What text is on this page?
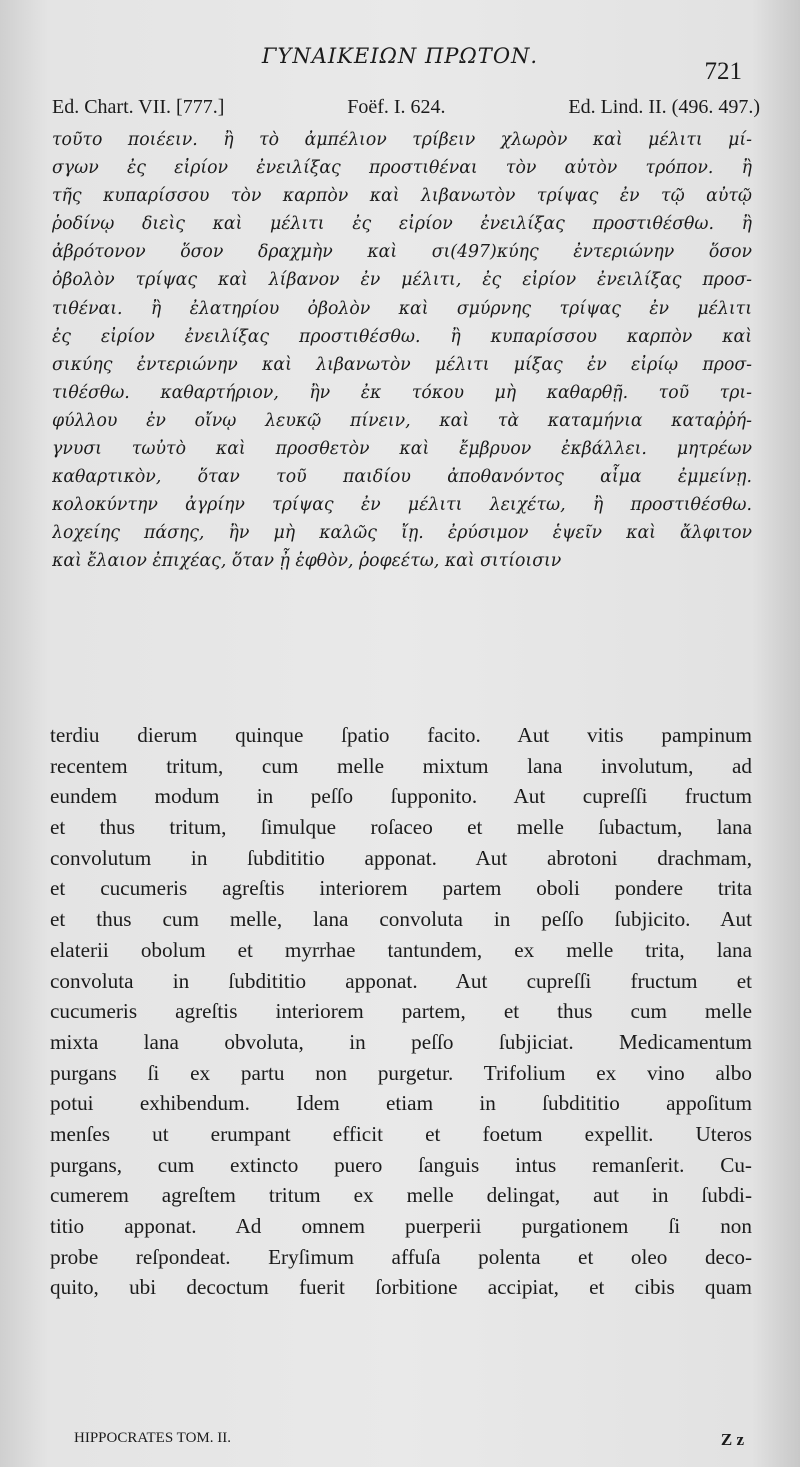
ΓΥΝΑΙΚΕΙΩΝ ΠΡΩΤΟΝ.
721
Ed. Chart. VII. [777.]	Foëf. I. 624.	Ed. Lind. II. (496. 497.)
τοῦτο ποιέειν. ἢ τὸ ἀμπέλιον τρίβειν χλωρὸν καὶ μέλιτι μί-
σγων ἐς εἰρίον ἐνειλίξας προστιθέναι τὸν αὐτὸν τρόπον. ἢ
τῆς κυπαρίσσου τὸν καρπὸν καὶ λιβανωτὸν τρίψας ἐν τῷ αὐτῷ
ῥοδίνῳ διεὶς καὶ μέλιτι ἐς εἰρίον ἐνειλίξας προστιθέσθω. ἢ
ἀβρότονον ὅσον δραχμὴν καὶ σι(497)κύης ἐντεριώνην ὅσον
ὀβολὸν τρίψας καὶ λίβανον ἐν μέλιτι, ἐς εἰρίον ἐνειλίξας προσ-
τιθέναι. ἢ ἐλατηρίου ὀβολὸν καὶ σμύρνης τρίψας ἐν μέλιτι
ἐς εἰρίον ἐνειλίξας προστιθέσθω. ἢ κυπαρίσσου καρπὸν καὶ
σικύης ἐντεριώνην καὶ λιβανωτὸν μέλιτι μίξας ἐν εἰρίῳ προσ-
τιθέσθω. καθαρτήριον, ἢν ἐκ τόκου μὴ καθαρθῇ. τοῦ τρι-
φύλλου ἐν οἴνῳ λευκῷ πίνειν, καὶ τὰ καταμήνια καταῤῥή-
γνυσι τωὐτὸ καὶ προσθετὸν καὶ ἔμβρυον ἐκβάλλει. μητρέων
καθαρτικὸν, ὅταν τοῦ παιδίου ἀποθανόντος αἷμα ἐμμείνῃ.
κολοκύντην ἀγρίην τρίψας ἐν μέλιτι λειχέτω, ἢ προστιθέσθω.
λοχείης πάσης, ἢν μὴ καλῶς ἴῃ. ἐρύσιμον ἑψεῖν καὶ ἄλφιτον
καὶ ἔλαιον ἐπιχέας, ὅταν ᾖ ἑφθὸν, ῥοφεέτω, καὶ σιτίοισιν
terdiu dierum quinque ſpatio facito. Aut vitis pampinum
recentem tritum, cum melle mixtum lana involutum, ad
eundem modum in peſſo ſupponito. Aut cupreſſi fructum
et thus tritum, ſimulque roſaceo et melle ſubactum, lana
convolutum in ſubdititio apponat. Aut abrotoni drachmam,
et cucumeris agreſtis interiorem partem oboli pondere trita
et thus cum melle, lana convoluta in peſſo ſubjicito. Aut
elaterii obolum et myrrhae tantundem, ex melle trita, lana
convoluta in ſubdititio apponat. Aut cupreſſi fructum et
cucumeris agreſtis interiorem partem, et thus cum melle
mixta lana obvoluta, in peſſo ſubjiciat. Medicamentum
purgans ſi ex partu non purgetur. Trifolium ex vino albo
potui exhibendum. Idem etiam in ſubdititio appoſitum
menſes ut erumpant efficit et foetum expellit. Uteros
purgans, cum extincto puero ſanguis intus remanſerit. Cu-
cumerem agreſtem tritum ex melle delingat, aut in ſubdi-
titio apponat. Ad omnem puerperii purgationem ſi non
probe reſpondeat. Eryſimum affuſa polenta et oleo deco-
quito, ubi decoctum fuerit ſorbitione accipiat, et cibis quam
HIPPOCRATES TOM. II.	Z z
